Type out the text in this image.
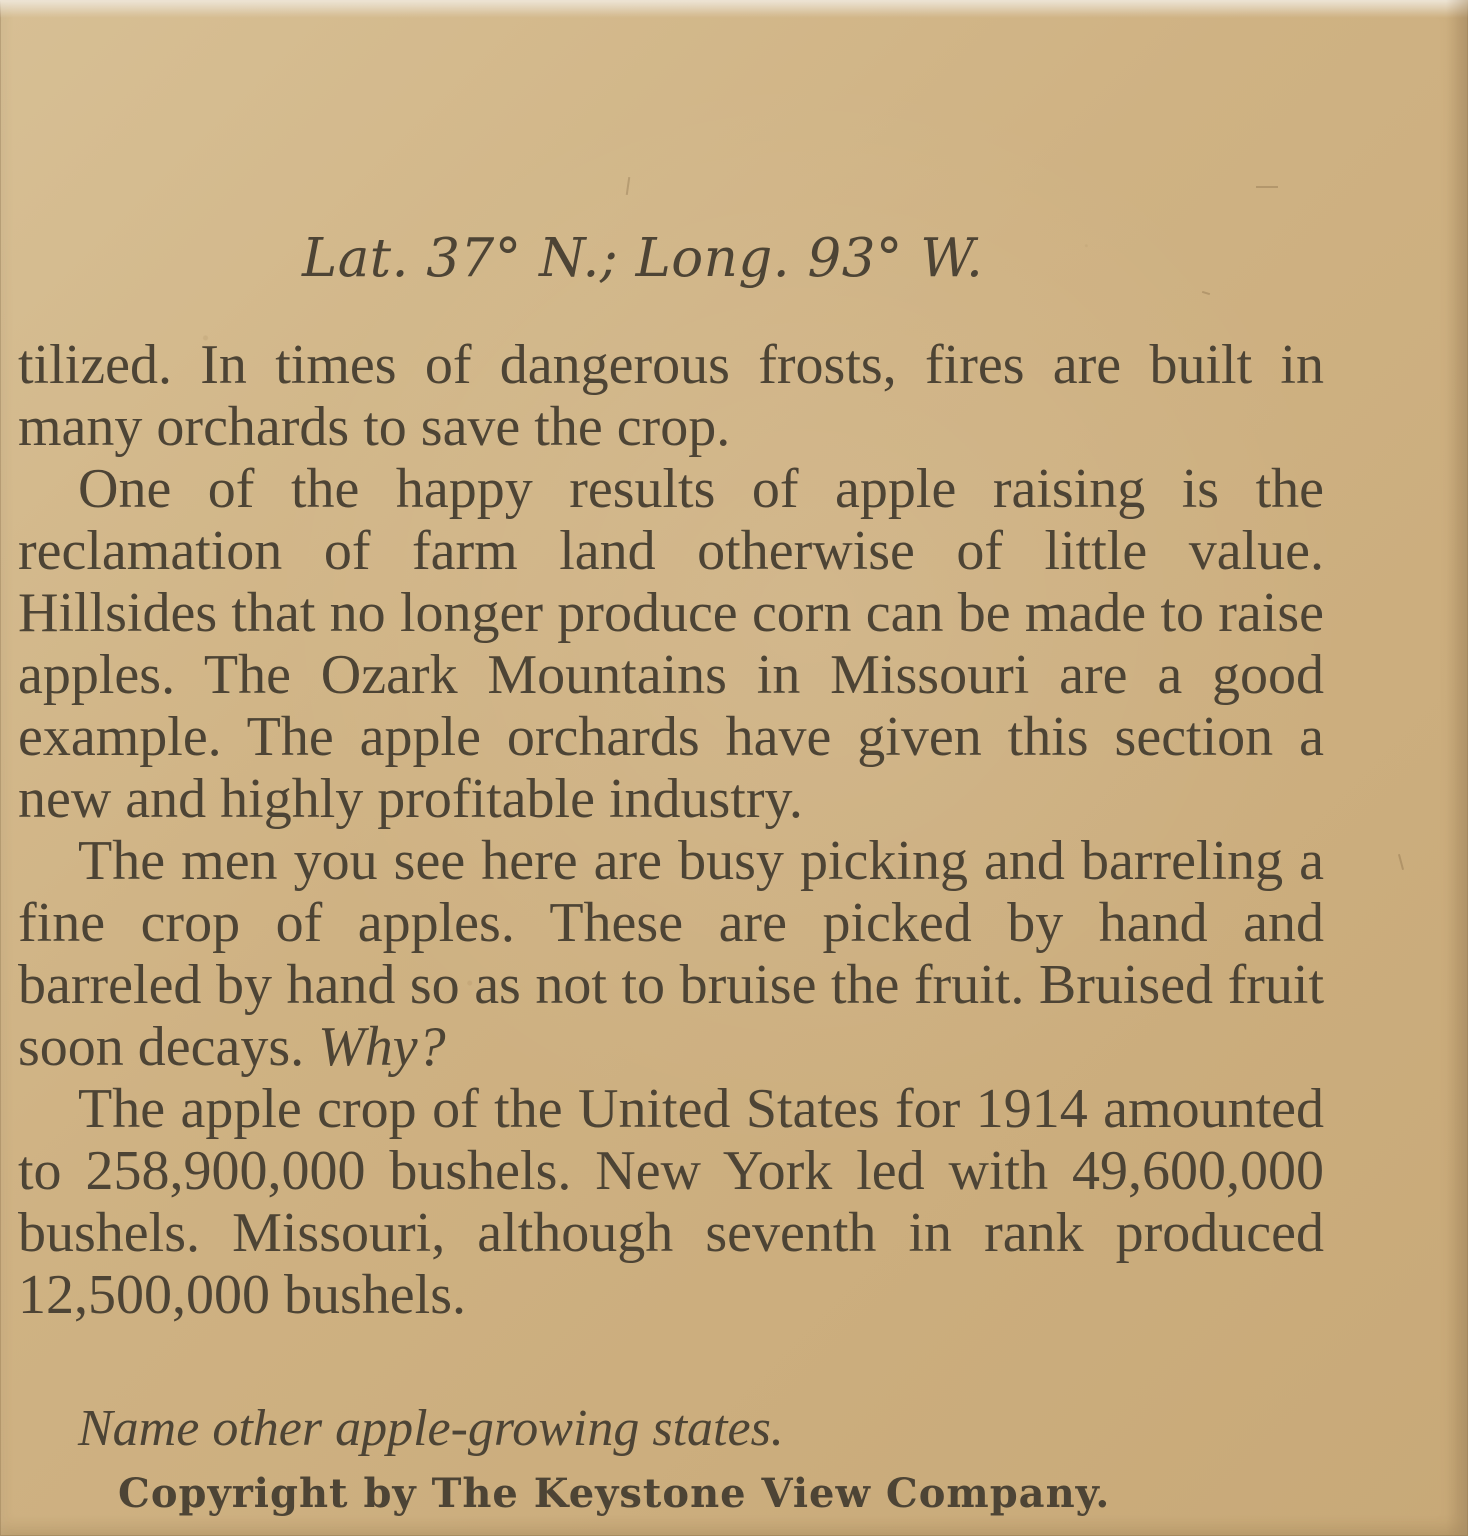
Lat. 37° N.; Long. 93° W.

tilized. In times of dangerous frosts, fires are built in many orchards to save the crop.

One of the happy results of apple raising is the reclamation of farm land otherwise of little value. Hillsides that no longer produce corn can be made to raise apples. The Ozark Mountains in Missouri are a good example. The apple orchards have given this section a new and highly profitable industry.

The men you see here are busy picking and barreling a fine crop of apples. These are picked by hand and barreled by hand so as not to bruise the fruit. Bruised fruit soon decays. Why?

The apple crop of the United States for 1914 amounted to 258,900,000 bushels. New York led with 49,600,000 bushels. Missouri, although seventh in rank produced 12,500,000 bushels.

Name other apple-growing states.
Copyright by The Keystone View Company.
